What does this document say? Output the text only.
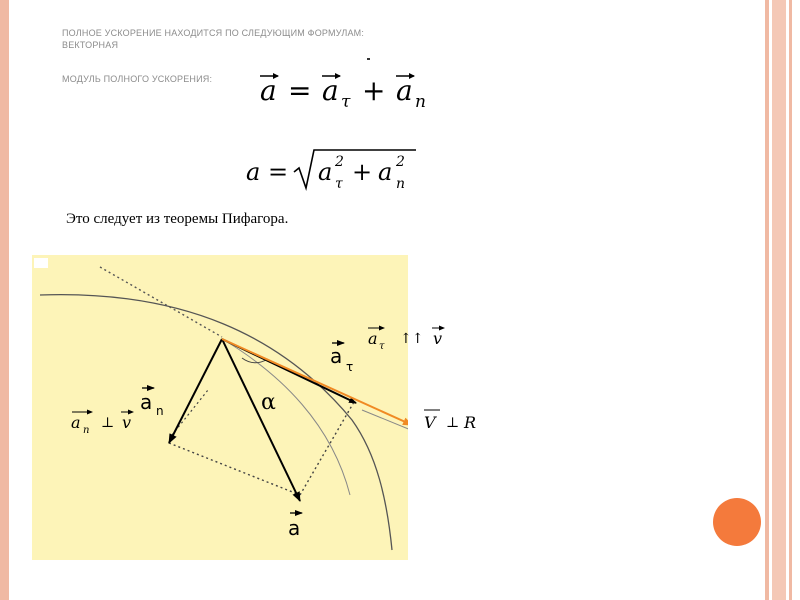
ПОЛНОЕ УСКОРЕНИЕ НАХОДИТСЯ ПО СЛЕДУЮЩИМ ФОРМУЛАМ:
ВЕКТОРНАЯ
МОДУЛЬ ПОЛНОГО УСКОРЕНИЯ: a = a τ + a n
a = a 2
τ + a 2
n
Это следует из теоремы Пифагора.
a n
a τ
a
α
a τ ↑↑ v
a n ⊥ v	V ⊥ R
